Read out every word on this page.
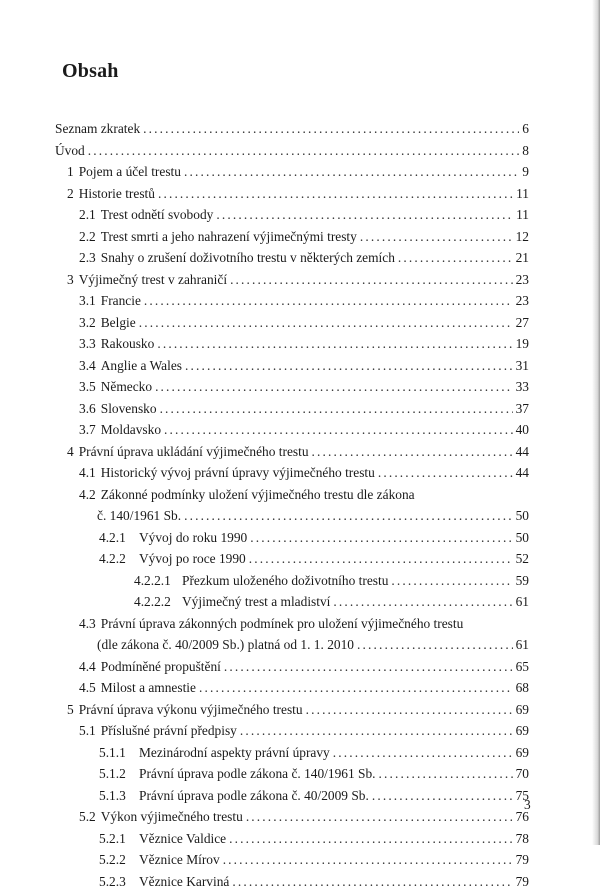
Obsah
Seznam zkratek . . .	6
Úvod . . .	8
1 Pojem a účel trestu . . .	9
2 Historie trestů . . .	11
2.1 Trest odnětí svobody . . .	11
2.2 Trest smrti a jeho nahrazení výjimečnými tresty . . .	12
2.3 Snahy o zrušení doživotního trestu v některých zemích . . .	21
3 Výjimečný trest v zahraničí . . .	23
3.1 Francie . . .	23
3.2 Belgie . . .	27
3.3 Rakousko . . .	19
3.4 Anglie a Wales . . .	31
3.5 Německo . . .	33
3.6 Slovensko . . .	37
3.7 Moldavsko . . .	40
4 Právní úprava ukládání výjimečného trestu . . .	44
4.1 Historický vývoj právní úpravy výjimečného trestu . . .	44
4.2 Zákonné podmínky uložení výjimečného trestu dle zákona
č. 140/1961 Sb. . . .	50
4.2.1 Vývoj do roku 1990 . . .	50
4.2.2 Vývoj po roce 1990 . . .	52
4.2.2.1 Přezkum uloženého doživotního trestu . . .	59
4.2.2.2 Výjimečný trest a mladiství . . .	61
4.3 Právní úprava zákonných podmínek pro uložení výjimečného trestu
(dle zákona č. 40/2009 Sb.) platná od 1. 1. 2010 . . .	61
4.4 Podmíněné propuštění . . .	65
4.5 Milost a amnestie . . .	68
5 Právní úprava výkonu výjimečného trestu . . .	69
5.1 Příslušné právní předpisy . . .	69
5.1.1 Mezinárodní aspekty právní úpravy . . .	69
5.1.2 Právní úprava podle zákona č. 140/1961 Sb. . . .	70
5.1.3 Právní úprava podle zákona č. 40/2009 Sb. . . .	75
5.2 Výkon výjimečného trestu . . .	76
5.2.1 Věznice Valdice . . .	78
5.2.2 Věznice Mírov . . .	79
5.2.3 Věznice Karviná . . .	79
3
